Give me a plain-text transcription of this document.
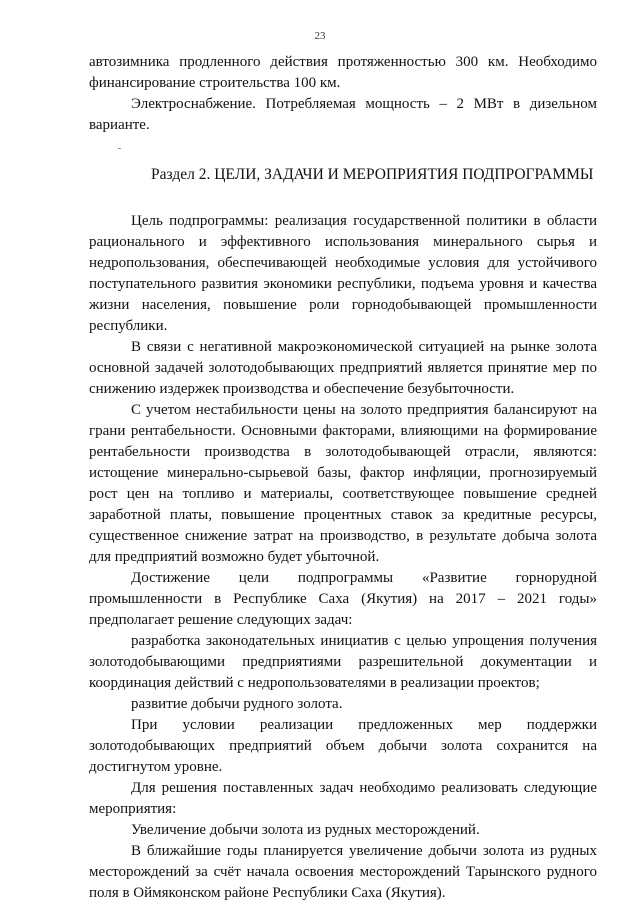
23

автозимника продленного действия протяженностью 300 км. Необходимо финансирование строительства 100 км.

Электроснабжение. Потребляемая мощность – 2 МВт в дизельном варианте.

Раздел 2. ЦЕЛИ, ЗАДАЧИ И МЕРОПРИЯТИЯ ПОДПРОГРАММЫ

Цель подпрограммы: реализация государственной политики в области рационального и эффективного использования минерального сырья и недропользования, обеспечивающей необходимые условия для устойчивого поступательного развития экономики республики, подъема уровня и качества жизни населения, повышение роли горнодобывающей промышленности республики.

В связи с негативной макроэкономической ситуацией на рынке золота основной задачей золотодобывающих предприятий является принятие мер по снижению издержек производства и обеспечение безубыточности.

С учетом нестабильности цены на золото предприятия балансируют на грани рентабельности. Основными факторами, влияющими на формирование рентабельности производства в золотодобывающей отрасли, являются: истощение минерально-сырьевой базы, фактор инфляции, прогнозируемый рост цен на топливо и материалы, соответствующее повышение средней заработной платы, повышение процентных ставок за кредитные ресурсы, существенное снижение затрат на производство, в результате добыча золота для предприятий возможно будет убыточной.

Достижение цели подпрограммы «Развитие горнорудной промышленности в Республике Саха (Якутия) на 2017 – 2021 годы» предполагает решение следующих задач:

разработка законодательных инициатив с целью упрощения получения золотодобывающими предприятиями разрешительной документации и координация действий с недропользователями в реализации проектов;

развитие добычи рудного золота.

При условии реализации предложенных мер поддержки золотодобывающих предприятий объем добычи золота сохранится на достигнутом уровне.

Для решения поставленных задач необходимо реализовать следующие мероприятия:

Увеличение добычи золота из рудных месторождений.

В ближайшие годы планируется увеличение добычи золота из рудных месторождений за счёт начала освоения месторождений Тарынского рудного поля в Оймяконском районе Республики Саха (Якутия).
